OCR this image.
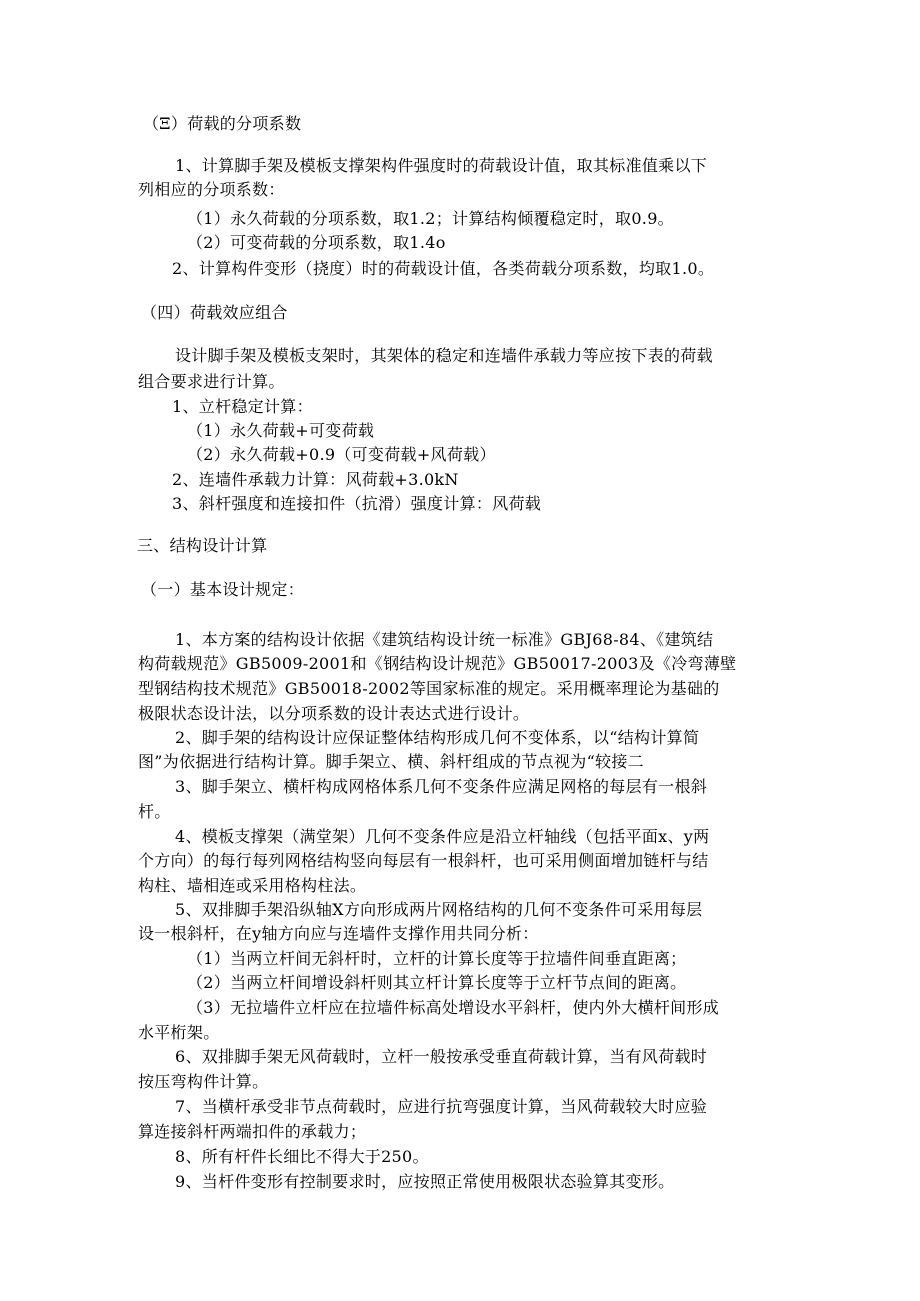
（Ξ）荷载的分项系数
1、计算脚手架及模板支撑架构件强度时的荷载设计值，取其标准值乘以下
列相应的分项系数：
（1）永久荷载的分项系数，取1.2；计算结构倾覆稳定时，取0.9。
（2）可变荷载的分项系数，取1.4o
2、计算构件变形（挠度）时的荷载设计值，各类荷载分项系数，均取1.0。
（四）荷载效应组合
设计脚手架及模板支架时，其架体的稳定和连墙件承载力等应按下表的荷载
组合要求进行计算。
1、立杆稳定计算：
（1）永久荷载+可变荷载
（2）永久荷载+0.9（可变荷载+风荷载）
2、连墙件承载力计算：风荷载+3.0kN
3、斜杆强度和连接扣件（抗滑）强度计算：风荷载
三、结构设计计算
（一）基本设计规定：
1、本方案的结构设计依据《建筑结构设计统一标准》GBJ68-84、《建筑结
构荷载规范》GB5009-2001和《钢结构设计规范》GB50017-2003及《冷弯薄壁
型钢结构技术规范》GB50018-2002等国家标准的规定。采用概率理论为基础的
极限状态设计法，以分项系数的设计表达式进行设计。
2、脚手架的结构设计应保证整体结构形成几何不变体系，以“结构计算简
图”为依据进行结构计算。脚手架立、横、斜杆组成的节点视为“较接二
3、脚手架立、横杆构成网格体系几何不变条件应满足网格的每层有一根斜
杆。
4、模板支撑架（满堂架）几何不变条件应是沿立杆轴线（包括平面x、y两
个方向）的每行每列网格结构竖向每层有一根斜杆，也可采用侧面增加链杆与结
构柱、墙相连或采用格构柱法。
5、双排脚手架沿纵轴X方向形成两片网格结构的几何不变条件可采用每层
设一根斜杆，在y轴方向应与连墙件支撑作用共同分析：
（1）当两立杆间无斜杆时，立杆的计算长度等于拉墙件间垂直距离；
（2）当两立杆间增设斜杆则其立杆计算长度等于立杆节点间的距离。
（3）无拉墙件立杆应在拉墙件标高处增设水平斜杆，使内外大横杆间形成
水平桁架。
6、双排脚手架无风荷载时，立杆一般按承受垂直荷载计算，当有风荷载时
按压弯构件计算。
7、当横杆承受非节点荷载时，应进行抗弯强度计算，当风荷载较大时应验
算连接斜杆两端扣件的承载力；
8、所有杆件长细比不得大于250。
9、当杆件变形有控制要求时，应按照正常使用极限状态验算其变形。
